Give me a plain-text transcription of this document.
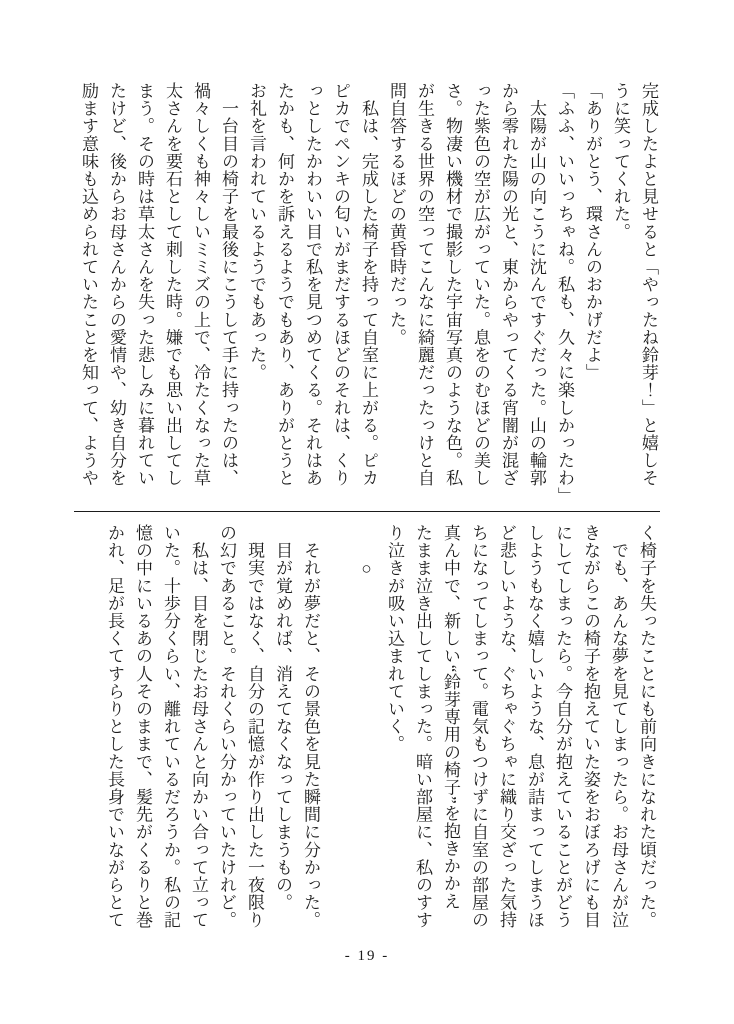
完成したよと見せると「やったね鈴芽！」と嬉しそ

うに笑ってくれた。

「ありがとう、環さんのおかげだよ」

「ふふ、いいっちゃね。私も、久々に楽しかったわ」

　太陽が山の向こうに沈んですぐだった。山の輪郭

から零れた陽の光と、東からやってくる宵闇が混ざ

った紫色の空が広がっていた。息をのむほどの美し

さ。物凄い機材で撮影した宇宙写真のような色。私

が生きる世界の空ってこんなに綺麗だったっけと自

問自答するほどの黄昏時だった。

　私は、完成した椅子を持って自室に上がる。ピカ

ピカでペンキの匂いがまだするほどのそれは、くり

っとしたかわいい目で私を見つめてくる。それはあ

たかも、何かを訴えるようでもあり、ありがとうと

お礼を言われているようでもあった。

　一台目の椅子を最後にこうして手に持ったのは、

禍々しくも神々しいミミズの上で、冷たくなった草

太さんを要石として刺した時。嫌でも思い出してし

まう。その時は草太さんを失った悲しみに暮れてい

たけど、後からお母さんからの愛情や、幼き自分を

励ます意味も込められていたことを知って、ようや

く椅子を失ったことにも前向きになれた頃だった。

　でも、あんな夢を見てしまったら。お母さんが泣

きながらこの椅子を抱えていた姿をおぼろげにも目

にしてしまったら。今自分が抱えていることがどう

しようもなく嬉しいような、息が詰まってしまうほ

ど悲しいような、ぐちゃぐちゃに織り交ざった気持

ちになってしまって。電気もつけずに自室の部屋の

真ん中で、新しい“鈴芽専用の椅子”を抱きかかえ

たまま泣き出してしまった。暗い部屋に、私のすす

り泣きが吸い込まれていく。

　　○

　それが夢だと、その景色を見た瞬間に分かった。

　目が覚めれば、消えてなくなってしまうもの。

　現実ではなく、自分の記憶が作り出した一夜限り

の幻であること。それくらい分かっていたけれど。

　私は、目を閉じたお母さんと向かい合って立って

いた。十歩分くらい、離れているだろうか。私の記

憶の中にいるあの人そのままで、髪先がくるりと巻

かれ、足が長くてすらりとした長身でいながらとて

- 19 -
